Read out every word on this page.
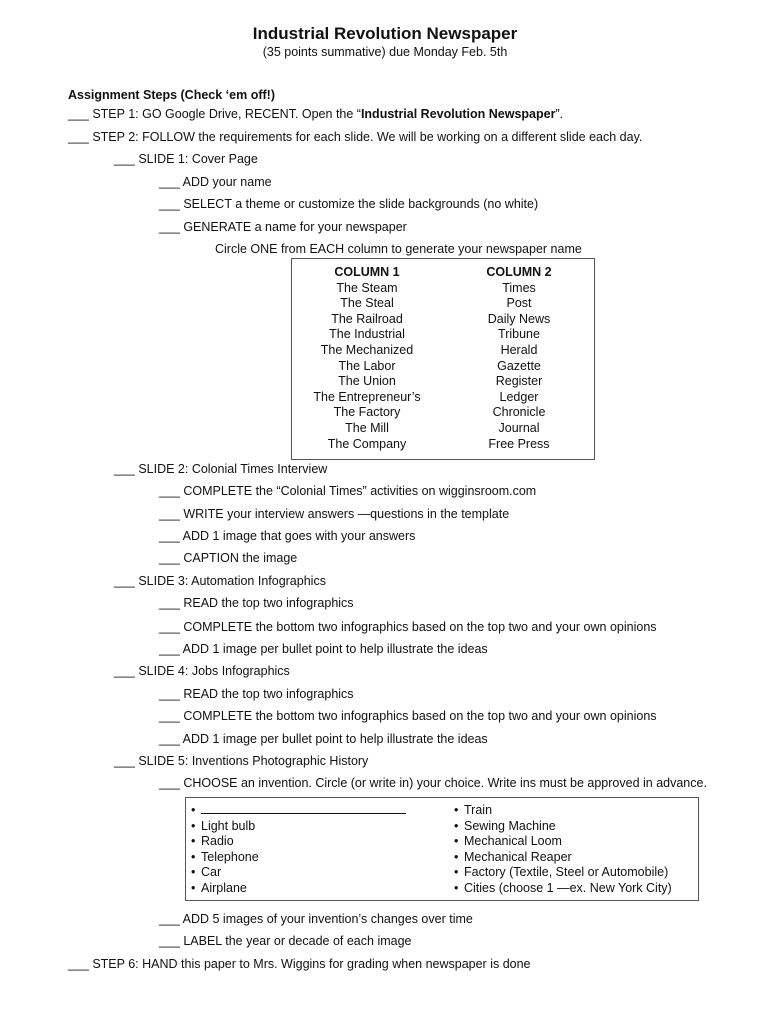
Industrial Revolution Newspaper
(35 points summative) due Monday Feb. 5th
Assignment Steps (Check ‘em off!)
___ STEP 1: GO Google Drive, RECENT. Open the “Industrial Revolution Newspaper”.
___ STEP 2: FOLLOW the requirements for each slide. We will be working on a different slide each day.
___ SLIDE 1: Cover Page
___ ADD your name
___ SELECT a theme or customize the slide backgrounds (no white)
___ GENERATE a name for your newspaper
Circle ONE from EACH column to generate your newspaper name
COLUMN 1
The Steam
The Steal
The Railroad
The Industrial
The Mechanized
The Labor
The Union
The Entrepreneur’s
The Factory
The Mill
The Company
COLUMN 2
Times
Post
Daily News
Tribune
Herald
Gazette
Register
Ledger
Chronicle
Journal
Free Press
___ SLIDE 2: Colonial Times Interview
___ COMPLETE the “Colonial Times” activities on wigginsroom.com
___ WRITE your interview answers —questions in the template
___ ADD 1 image that goes with your answers
___ CAPTION the image
___ SLIDE 3: Automation Infographics
___ READ the top two infographics
___ COMPLETE the bottom two infographics based on the top two and your own opinions
___ ADD 1 image per bullet point to help illustrate the ideas
___ SLIDE 4: Jobs Infographics
___ READ the top two infographics
___ COMPLETE the bottom two infographics based on the top two and your own opinions
___ ADD 1 image per bullet point to help illustrate the ideas
___ SLIDE 5: Inventions Photographic History
___ CHOOSE an invention. Circle (or write in) your choice. Write ins must be approved in advance.
•
• Light bulb
• Radio
• Telephone
• Car
• Airplane
• Train
• Sewing Machine
• Mechanical Loom
• Mechanical Reaper
• Factory (Textile, Steel or Automobile)
• Cities (choose 1 —ex. New York City)
___ ADD 5 images of your invention’s changes over time
___ LABEL the year or decade of each image
___ STEP 6: HAND this paper to Mrs. Wiggins for grading when newspaper is done
